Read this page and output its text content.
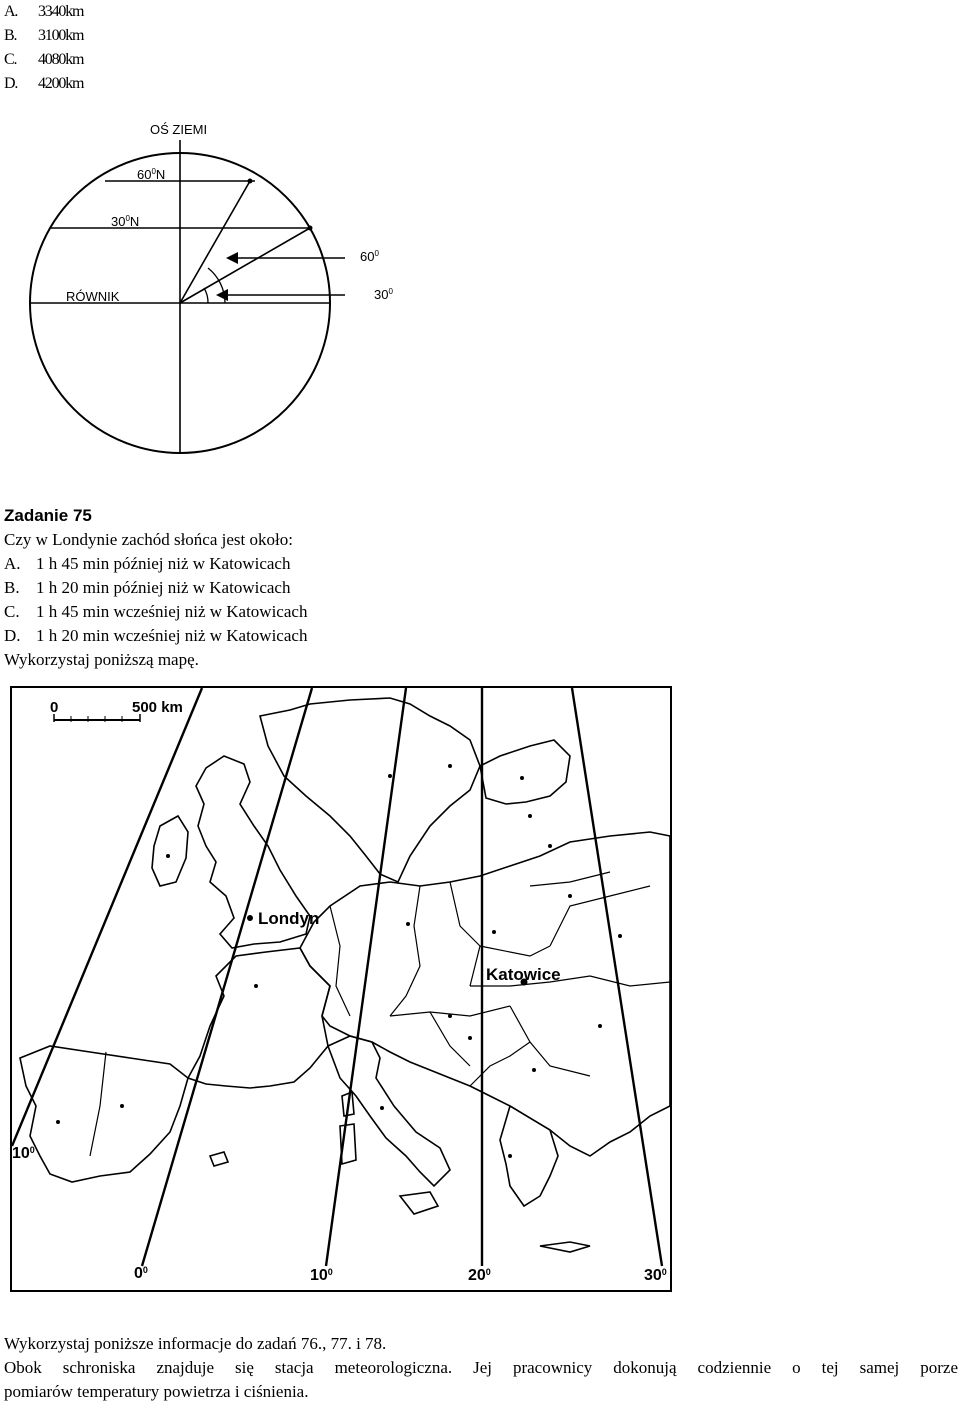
A. 3340km
B. 3100km
C. 4080km
D. 4200km
OŚ ZIEMI
$60^0N$
$30^0N$
RÓWNIK
$60^0$
$30^0$
Zadanie 75
Czy w Londynie zachód słońca jest około:
A. 1 h 45 min później niż w Katowicach
B. 1 h 20 min później niż w Katowicach
C. 1 h 45 min wcześniej niż w Katowicach
D. 1 h 20 min wcześniej niż w Katowicach
Wykorzystaj poniższą mapę.
0	500 km
Londyn
Katowice
$10^0$
$0^0$	$10^0$	$20^0$	$30^0$
Wykorzystaj poniższe informacje do zadań 76., 77. i 78.
Obok schroniska znajduje się stacja meteorologiczna. Jej pracownicy dokonują codziennie o tej samej porze
pomiarów temperatury powietrza i ciśnienia.
